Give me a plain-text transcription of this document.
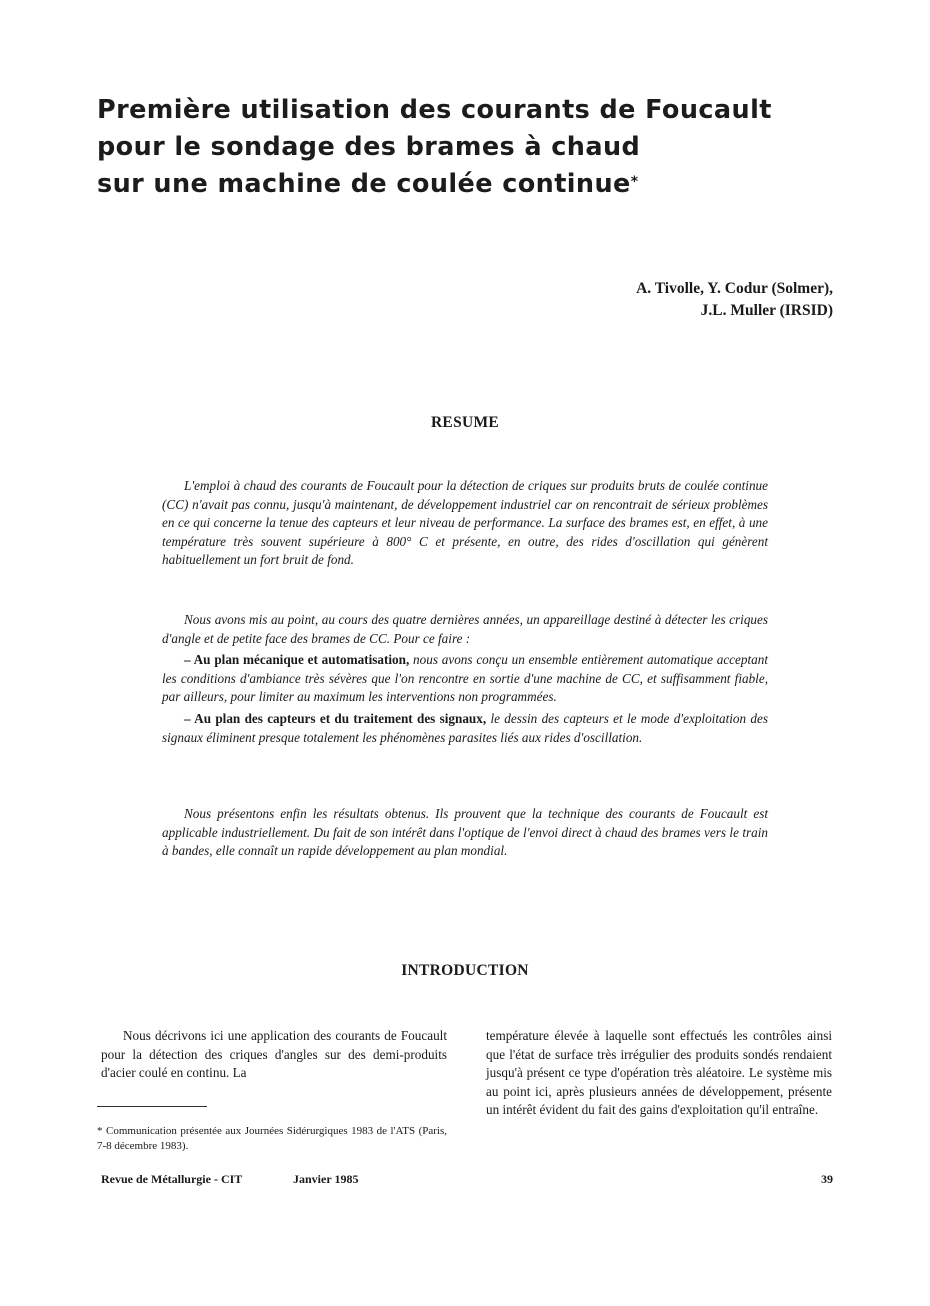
Première utilisation des courants de Foucault
pour le sondage des brames à chaud
sur une machine de coulée continue*
A. Tivolle, Y. Codur (Solmer),
J.L. Muller (IRSID)
RESUME

L'emploi à chaud des courants de Foucault pour la détection de criques sur produits bruts de coulée continue (CC) n'avait pas connu, jusqu'à maintenant, de développement industriel car on rencontrait de sérieux problèmes en ce qui concerne la tenue des capteurs et leur niveau de performance. La surface des brames est, en effet, à une température très souvent supérieure à 800° C et présente, en outre, des rides d'oscillation qui génèrent habituellement un fort bruit de fond.

Nous avons mis au point, au cours des quatre dernières années, un appareillage destiné à détecter les criques d'angle et de petite face des brames de CC. Pour ce faire :

– Au plan mécanique et automatisation, nous avons conçu un ensemble entièrement automatique acceptant les conditions d'ambiance très sévères que l'on rencontre en sortie d'une machine de CC, et suffisamment fiable, par ailleurs, pour limiter au maximum les interventions non programmées.

– Au plan des capteurs et du traitement des signaux, le dessin des capteurs et le mode d'exploitation des signaux éliminent presque totalement les phénomènes parasites liés aux rides d'oscillation.

Nous présentons enfin les résultats obtenus. Ils prouvent que la technique des courants de Foucault est applicable industriellement. Du fait de son intérêt dans l'optique de l'envoi direct à chaud des brames vers le train à bandes, elle connaît un rapide développement au plan mondial.

INTRODUCTION

Nous décrivons ici une application des courants de Foucault pour la détection des criques d'angles sur des demi-produits d'acier coulé en continu. La

température élevée à laquelle sont effectués les contrôles ainsi que l'état de surface très irrégulier des produits sondés rendaient jusqu'à présent ce type d'opération très aléatoire. Le système mis au point ici, après plusieurs années de développement, présente un intérêt évident du fait des gains d'exploitation qu'il entraîne.

* Communication présentée aux Journées Sidérurgiques 1983 de l'ATS (Paris, 7-8 décembre 1983).

Revue de Métallurgie - CIT	Janvier 1985	39
